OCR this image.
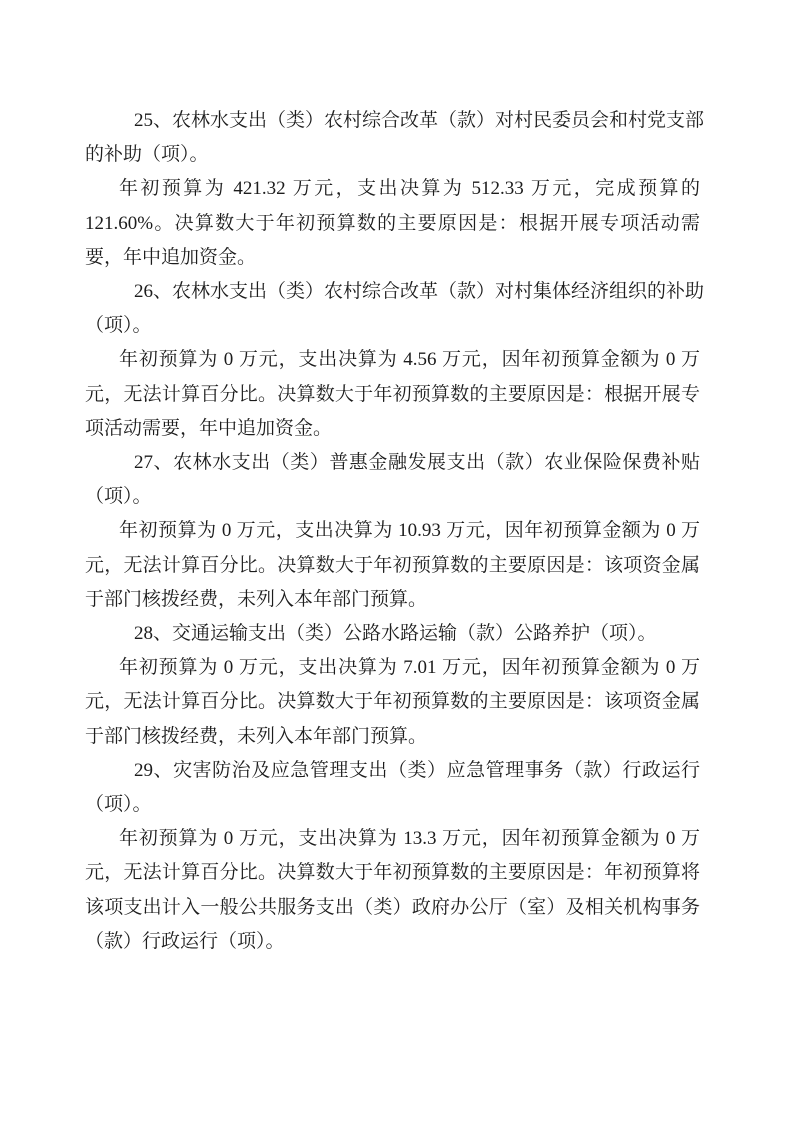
25、农林水支出（类）农村综合改革（款）对村民委员会和村党支部
的补助（项）。
年初预算为 421.32 万元，支出决算为 512.33 万元，完成预算的
121.60%。决算数大于年初预算数的主要原因是：根据开展专项活动需
要，年中追加资金。
26、农林水支出（类）农村综合改革（款）对村集体经济组织的补助
（项）。
年初预算为 0 万元，支出决算为 4.56 万元，因年初预算金额为 0 万
元，无法计算百分比。决算数大于年初预算数的主要原因是：根据开展专
项活动需要，年中追加资金。
27、农林水支出（类）普惠金融发展支出（款）农业保险保费补贴
（项）。
年初预算为 0 万元，支出决算为 10.93 万元，因年初预算金额为 0 万
元，无法计算百分比。决算数大于年初预算数的主要原因是：该项资金属
于部门核拨经费，未列入本年部门预算。
28、交通运输支出（类）公路水路运输（款）公路养护（项）。
年初预算为 0 万元，支出决算为 7.01 万元，因年初预算金额为 0 万
元，无法计算百分比。决算数大于年初预算数的主要原因是：该项资金属
于部门核拨经费，未列入本年部门预算。
29、灾害防治及应急管理支出（类）应急管理事务（款）行政运行
（项）。
年初预算为 0 万元，支出决算为 13.3 万元，因年初预算金额为 0 万
元，无法计算百分比。决算数大于年初预算数的主要原因是：年初预算将
该项支出计入一般公共服务支出（类）政府办公厅（室）及相关机构事务
（款）行政运行（项）。
